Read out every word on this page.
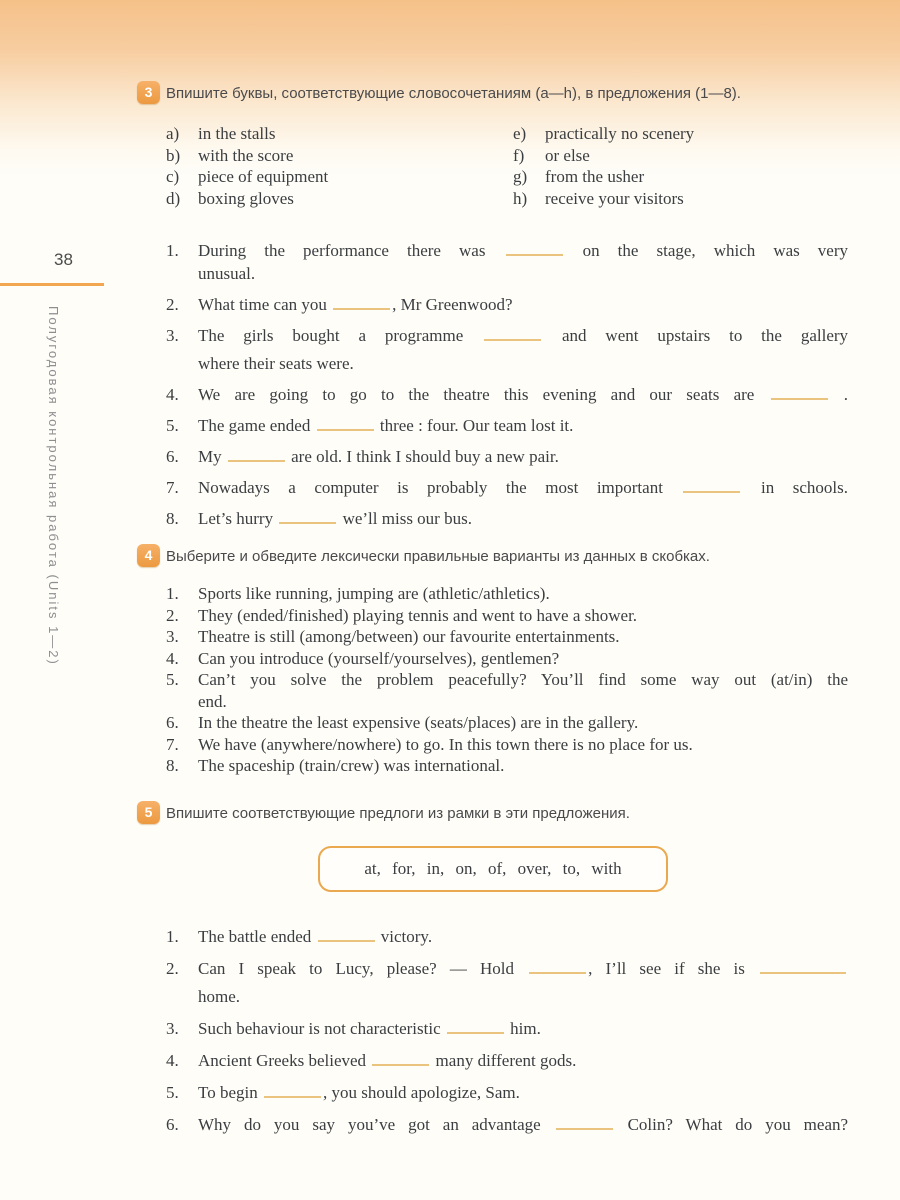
38
Полугодовая контрольная работа (Units 1—2)
3 Впишите буквы, соответствующие словосочетаниям (a—h), в предложения (1—8).
a)	in the stalls
b)	with the score
c)	piece of equipment
d)	boxing gloves
e)	practically no scenery
f)	or else
g)	from the usher
h)	receive your visitors
1.	During the performance there was	on the stage, which was very
unusual.
2.	What time can you	, Mr Greenwood?
3.	The girls bought a programme	and went upstairs to the gallery
where their seats were.
4.	We are going to go to the theatre this evening and our seats are	.
5.	The game ended	three : four. Our team lost it.
6.	My	are old. I think I should buy a new pair.
7.	Nowadays a computer is probably the most important	in schools.
8.	Let’s hurry	we’ll miss our bus.
4 Выберите и обведите лексически правильные варианты из данных в скобках.
1.	Sports like running, jumping are (athletic/athletics).
2.	They (ended/finished) playing tennis and went to have a shower.
3.	Theatre is still (among/between) our favourite entertainments.
4.	Can you introduce (yourself/yourselves), gentlemen?
5.	Can’t you solve the problem peacefully? You’ll find some way out (at/in) the
end.
6.	In the theatre the least expensive (seats/places) are in the gallery.
7.	We have (anywhere/nowhere) to go. In this town there is no place for us.
8.	The spaceship (train/crew) was international.
5 Впишите соответствующие предлоги из рамки в эти предложения.
at, for, in, on, of, over, to, with
1.	The battle ended	victory.
2.	Can I speak to Lucy, please? — Hold	, I’ll see if she is
home.
3.	Such behaviour is not characteristic	him.
4.	Ancient Greeks believed	many different gods.
5.	To begin	, you should apologize, Sam.
6.	Why do you say you’ve got an advantage	Colin? What do you mean?
